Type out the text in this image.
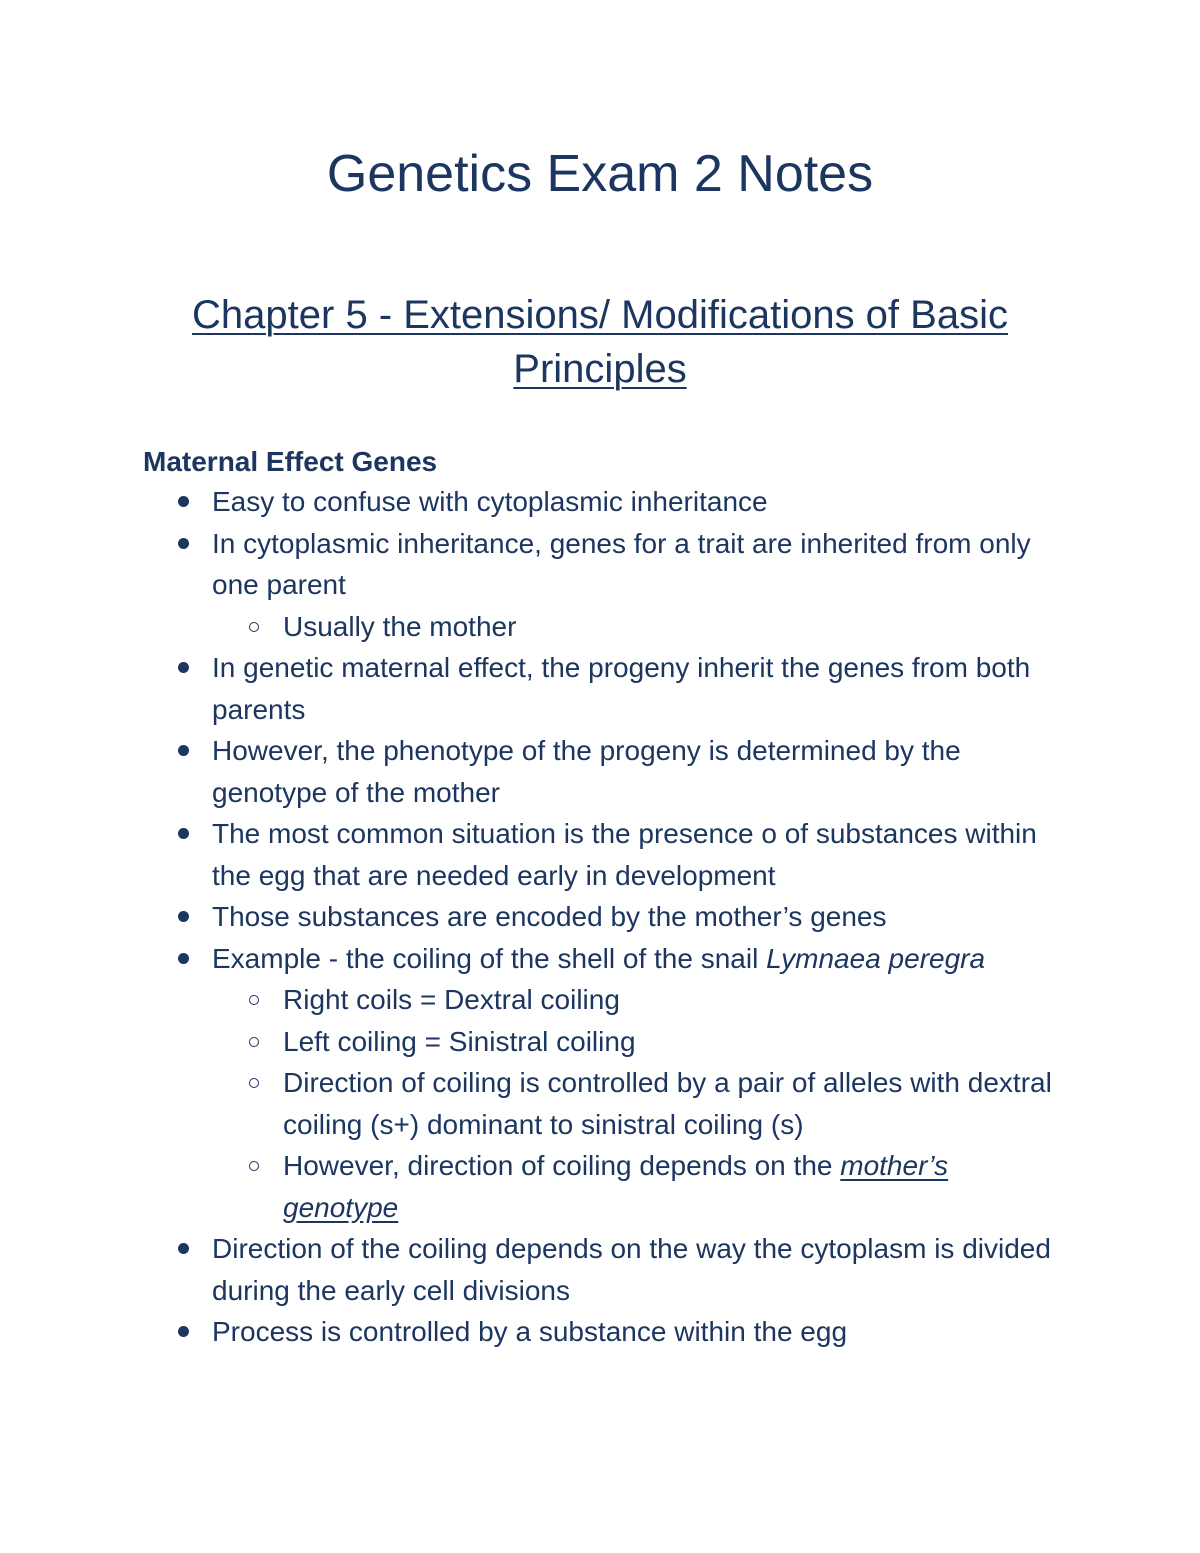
Genetics Exam 2 Notes
Chapter 5 - Extensions/ Modifications of Basic Principles
Maternal Effect Genes
Easy to confuse with cytoplasmic inheritance
In cytoplasmic inheritance, genes for a trait are inherited from only one parent
Usually the mother
In genetic maternal effect, the progeny inherit the genes from both parents
However, the phenotype of the progeny is determined by the genotype of the mother
The most common situation is the presence o of substances within the egg that are needed early in development
Those substances are encoded by the mother’s genes
Example - the coiling of the shell of the snail Lymnaea peregra
Right coils = Dextral coiling
Left coiling = Sinistral coiling
Direction of coiling is controlled by a pair of alleles with dextral coiling (s+) dominant to sinistral coiling (s)
However, direction of coiling depends on the mother’s genotype
Direction of the coiling depends on the way the cytoplasm is divided during the early cell divisions
Process is controlled by a substance within the egg
